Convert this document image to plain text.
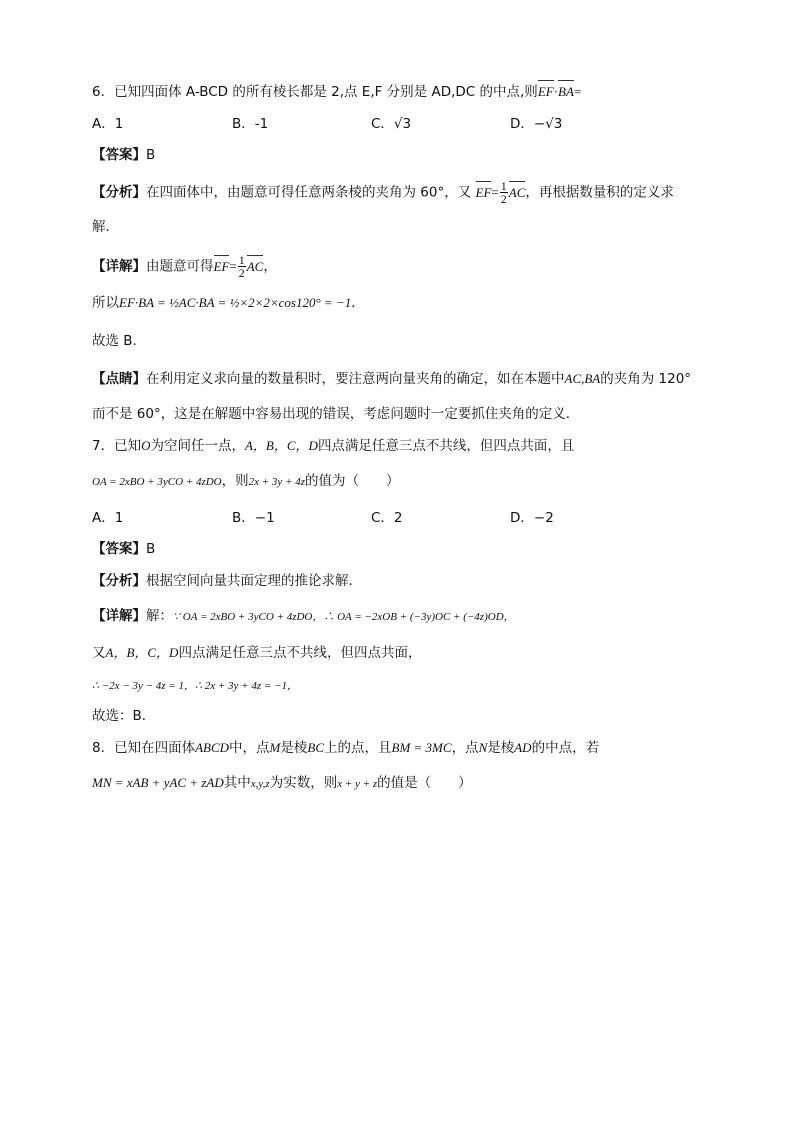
6．已知四面体 A-BCD 的所有棱长都是 2,点 E,F 分别是 AD,DC 的中点,则EF·BA=
A．1	B．-1	C．√3	D．−√3
【答案】B
【分析】在四面体中，由题意可得任意两条棱的夹角为 60°，又 $EF= \frac{1}{2}$ AC，再根据数量积的定义求
解．
【详解】由题意可得$EF= \frac{1}{2}$ AC，
所以EF·BA = ½AC·BA = ½×2×2×cos120° = −1．
故选 B．
【点睛】在利用定义求向量的数量积时，要注意两向量夹角的确定，如在本题中AC,BA的夹角为 120°
而不是 60°，这是在解题中容易出现的错误，考虑问题时一定要抓住夹角的定义．
7．已知O为空间任一点，A，B，C，D四点满足任意三点不共线，但四点共面，且
OA = 2xBO + 3yCO + 4zDO，则2x + 3y + 4z的值为（　　）
A．1	B．−1	C．2	D．−2
【答案】B
【分析】根据空间向量共面定理的推论求解．
【详解】解：∵ OA = 2xBO + 3yCO + 4zDO，∴ OA = −2xOB + (−3y)OC + (−4z)OD，
又A，B，C，D四点满足任意三点不共线，但四点共面，
∴ −2x − 3y − 4z = 1，∴ 2x + 3y + 4z = −1，
故选：B．
8．已知在四面体ABCD中，点M是棱BC上的点，且BM = 3MC，点N是棱AD的中点，若
MN = xAB + yAC + zAD其中x,y,z为实数，则x + y + z的值是（　　）
